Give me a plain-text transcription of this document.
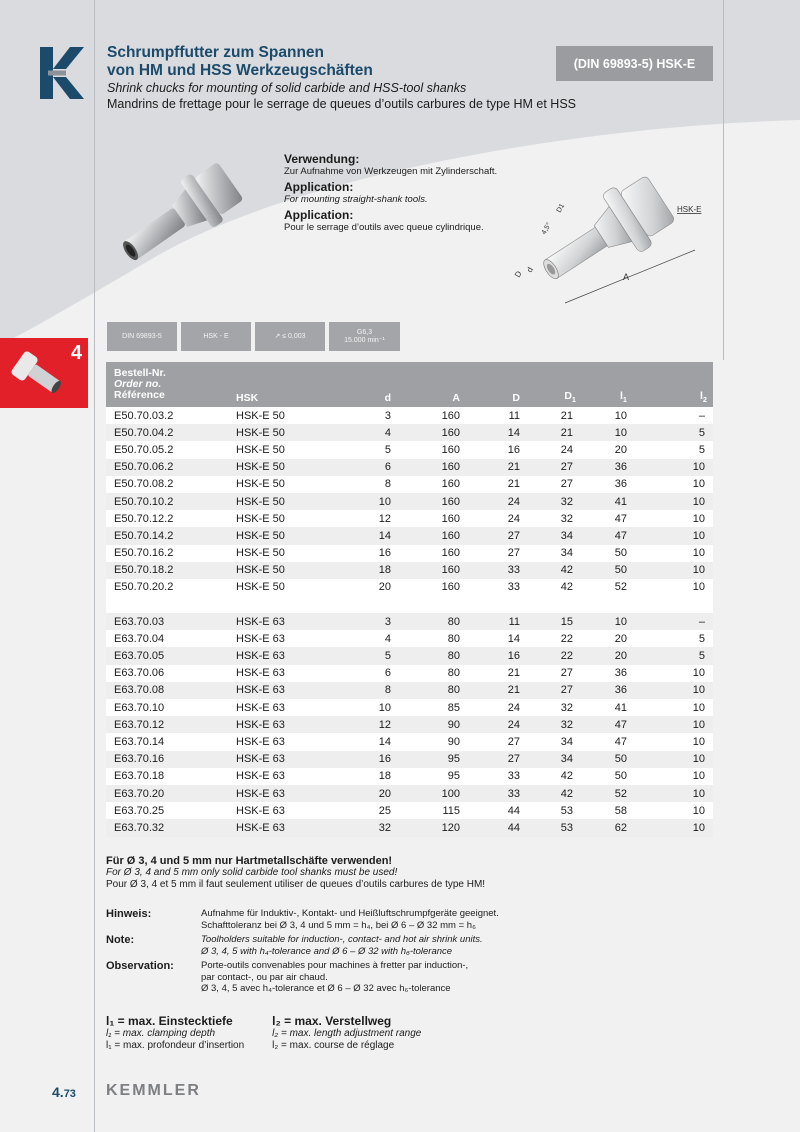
Schrumpffutter zum Spannen
von HM und HSS Werkzeugschäften
Shrink chucks for mounting of solid carbide and HSS-tool shanks
Mandrins de frettage pour le serrage de queues d’outils carbures de type HM et HSS
(DIN 69893-5) HSK-E
Verwendung:
Zur Aufnahme von Werkzeugen mit Zylinderschaft.
Application:
For mounting straight-shank tools.
Application:
Pour le serrage d’outils avec queue cylindrique.
A
D d
4,5°
D1	HSK-E
4
DIN 69893-5	HSK - E	↗ ≤ 0,003
G6,3
15.000 min⁻¹
Bestell-Nr.
Order no.
Référence	HSK	d	A	D	$D_1$	$l_1$	$l_2$
E50.70.03.2	HSK-E 50	3	160	11	21	10	–
E50.70.04.2	HSK-E 50	4	160	14	21	10	5
E50.70.05.2	HSK-E 50	5	160	16	24	20	5
E50.70.06.2	HSK-E 50	6	160	21	27	36	10
E50.70.08.2	HSK-E 50	8	160	21	27	36	10
E50.70.10.2	HSK-E 50	10	160	24	32	41	10
E50.70.12.2	HSK-E 50	12	160	24	32	47	10
E50.70.14.2	HSK-E 50	14	160	27	34	47	10
E50.70.16.2	HSK-E 50	16	160	27	34	50	10
E50.70.18.2	HSK-E 50	18	160	33	42	50	10
E50.70.20.2	HSK-E 50	20	160	33	42	52	10
E63.70.03	HSK-E 63	3	80	11	15	10	–
E63.70.04	HSK-E 63	4	80	14	22	20	5
E63.70.05	HSK-E 63	5	80	16	22	20	5
E63.70.06	HSK-E 63	6	80	21	27	36	10
E63.70.08	HSK-E 63	8	80	21	27	36	10
E63.70.10	HSK-E 63	10	85	24	32	41	10
E63.70.12	HSK-E 63	12	90	24	32	47	10
E63.70.14	HSK-E 63	14	90	27	34	47	10
E63.70.16	HSK-E 63	16	95	27	34	50	10
E63.70.18	HSK-E 63	18	95	33	42	50	10
E63.70.20	HSK-E 63	20	100	33	42	52	10
E63.70.25	HSK-E 63	25	115	44	53	58	10
E63.70.32	HSK-E 63	32	120	44	53	62	10
Für Ø 3, 4 und 5 mm nur Hartmetallschäfte verwenden!
For Ø 3, 4 and 5 mm only solid carbide tool shanks must be used!
Pour Ø 3, 4 et 5 mm il faut seulement utiliser de queues d’outils carbures de type HM!
Hinweis:	Aufnahme für Induktiv-, Kontakt- und Heißluftschrumpfgeräte geeignet.
Schafttoleranz bei Ø 3, 4 und 5 mm = h₄, bei Ø 6 – Ø 32 mm = h₆
Note:	Toolholders suitable for induction-, contact- and hot air shrink units.
Ø 3, 4, 5 with h₄-tolerance and Ø 6 – Ø 32 with h₆-tolerance
Observation:	Porte-outils convenables pour machines à fretter par induction-,
par contact-, ou par air chaud.
Ø 3, 4, 5 avec h₄-tolerance et Ø 6 – Ø 32 avec h₆-tolerance
l₁ = max. Einstecktiefe
l₁ = max. clamping depth
l₁ = max. profondeur d’insertion
l₂ = max. Verstellweg
l₂ = max. length adjustment range
l₂ = max. course de réglage
4.73 KEMMLER
